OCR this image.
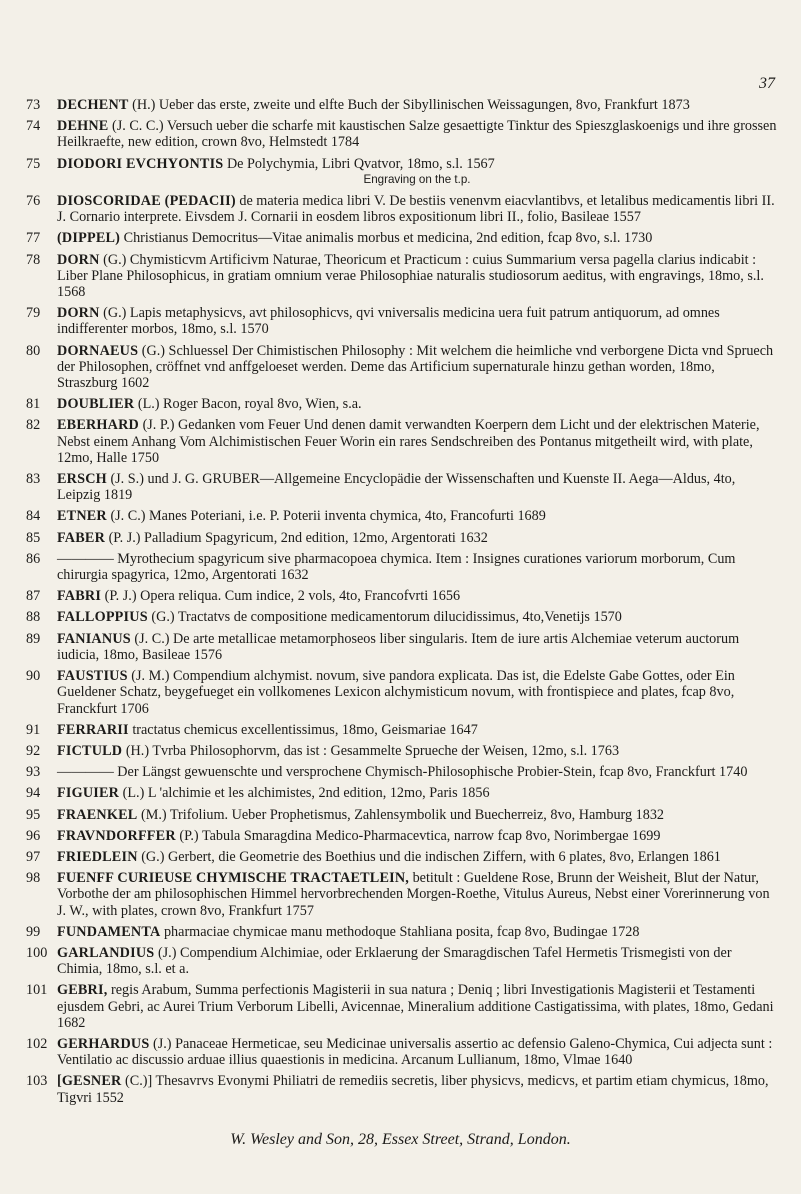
37
73 DECHENT (H.) Ueber das erste, zweite und elfte Buch der Sibyllinischen Weissagungen, 8vo, Frankfurt 1873
74 DEHNE (J. C. C.) Versuch ueber die scharfe mit kaustischen Salze gesaettigte Tinktur des Spieszglaskoenigs und ihre grossen Heilkraefte, new edition, crown 8vo, Helmstedt 1784
75 DIODORI EVCHYONTIS De Polychymia, Libri Qvatvor, 18mo, s.l. 1567
Engraving on the t.p.
76 DIOSCORIDAE (PEDACII) de materia medica libri V. De bestiis venenvm eiacvlantibvs, et letalibus medicamentis libri II. J. Cornario interprete. Eivsdem J. Cornarii in eosdem libros expositionum libri II., folio, Basileae 1557
77 (DIPPEL) Christianus Democritus—Vitae animalis morbus et medicina, 2nd edition, fcap 8vo, s.l. 1730
78 DORN (G.) Chymisticvm Artificivm Naturae, Theoricum et Practicum : cuius Summarium versa pagella clarius indicabit : Liber Plane Philosophicus, in gratiam omnium verae Philosophiae naturalis studiosorum aeditus, with engravings, 18mo, s.l. 1568
79 DORN (G.) Lapis metaphysicvs, avt philosophicvs, qvi vniversalis medicina uera fuit patrum antiquorum, ad omnes indifferenter morbos, 18mo, s.l. 1570
80 DORNAEUS (G.) Schluessel Der Chimistischen Philosophy : Mit welchem die heimliche vnd verborgene Dicta vnd Spruech der Philosophen, cröffnet vnd anffgeloeset werden. Deme das Artificium supernaturale hinzu gethan worden, 18mo, Straszburg 1602
81 DOUBLIER (L.) Roger Bacon, royal 8vo, Wien, s.a.
82 EBERHARD (J. P.) Gedanken vom Feuer Und denen damit verwandten Koerpern dem Licht und der elektrischen Materie, Nebst einem Anhang Vom Alchimistischen Feuer Worin ein rares Sendschreiben des Pontanus mitgetheilt wird, with plate, 12mo, Halle 1750
83 ERSCH (J. S.) und J. G. GRUBER—Allgemeine Encyclopädie der Wissenschaften und Kuenste II. Aega—Aldus, 4to, Leipzig 1819
84 ETNER (J. C.) Manes Poteriani, i.e. P. Poterii inventa chymica, 4to, Francofurti 1689
85 FABER (P. J.) Palladium Spagyricum, 2nd edition, 12mo, Argentorati 1632
86 ———— Myrothecium spagyricum sive pharmacopoea chymica. Item : Insignes curationes variorum morborum, Cum chirurgia spagyrica, 12mo, Argentorati 1632
87 FABRI (P. J.) Opera reliqua. Cum indice, 2 vols, 4to, Francofvrti 1656
88 FALLOPPIUS (G.) Tractatvs de compositione medicamentorum dilucidissimus, 4to,Venetijs 1570
89 FANIANUS (J. C.) De arte metallicae metamorphoseos liber singularis. Item de iure artis Alchemiae veterum auctorum iudicia, 18mo, Basileae 1576
90 FAUSTIUS (J. M.) Compendium alchymist. novum, sive pandora explicata. Das ist, die Edelste Gabe Gottes, oder Ein Gueldener Schatz, beygefueget ein vollkomenes Lexicon alchymisticum novum, with frontispiece and plates, fcap 8vo, Franckfurt 1706
91 FERRARII tractatus chemicus excellentissimus, 18mo, Geismariae 1647
92 FICTULD (H.) Tvrba Philosophorvm, das ist : Gesammelte Sprueche der Weisen, 12mo, s.l. 1763
93 ———— Der Längst gewuenschte und versprochene Chymisch-Philosophische Probier-Stein, fcap 8vo, Franckfurt 1740
94 FIGUIER (L.) L 'alchimie et les alchimistes, 2nd edition, 12mo, Paris 1856
95 FRAENKEL (M.) Trifolium. Ueber Prophetismus, Zahlensymbolik und Buecherreiz, 8vo, Hamburg 1832
96 FRAVNDORFFER (P.) Tabula Smaragdina Medico-Pharmacevtica, narrow fcap 8vo, Norimbergae 1699
97 FRIEDLEIN (G.) Gerbert, die Geometrie des Boethius und die indischen Ziffern, with 6 plates, 8vo, Erlangen 1861
98 FUENFF CURIEUSE CHYMISCHE TRACTAETLEIN, betitult : Gueldene Rose, Brunn der Weisheit, Blut der Natur, Vorbothe der am philosophischen Himmel hervorbrechenden Morgen-Roethe, Vitulus Aureus, Nebst einer Vorerinnerung von J. W., with plates, crown 8vo, Frankfurt 1757
99 FUNDAMENTA pharmaciae chymicae manu methodoque Stahliana posita, fcap 8vo, Budingae 1728
100 GARLANDIUS (J.) Compendium Alchimiae, oder Erklaerung der Smaragdischen Tafel Hermetis Trismegisti von der Chimia, 18mo, s.l. et a.
101 GEBRI, regis Arabum, Summa perfectionis Magisterii in sua natura ; Deniq ; libri Investigationis Magisterii et Testamenti ejusdem Gebri, ac Aurei Trium Verborum Libelli, Avicennae, Mineralium additione Castigatissima, with plates, 18mo, Gedani 1682
102 GERHARDUS (J.) Panaceae Hermeticae, seu Medicinae universalis assertio ac defensio Galeno-Chymica, Cui adjecta sunt : Ventilatio ac discussio arduae illius quaestionis in medicina. Arcanum Lullianum, 18mo, Vlmae 1640
103 [GESNER (C.)] Thesavrvs Evonymi Philiatri de remediis secretis, liber physicvs, medicvs, et partim etiam chymicus, 18mo, Tigvri 1552
W. Wesley and Son, 28, Essex Street, Strand, London.
